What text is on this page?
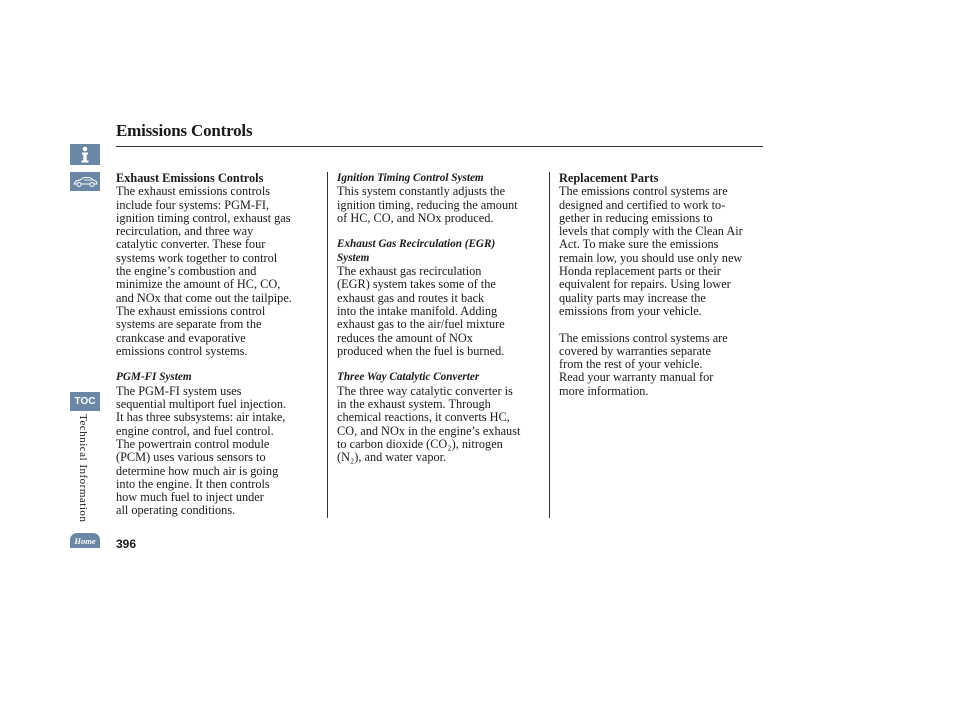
TOC
Technical Information
Home
Emissions Controls

Exhaust Emissions Controls

The exhaust emissions controls
include four systems: PGM-FI,
ignition timing control, exhaust gas
recirculation, and three way
catalytic converter. These four
systems work together to control
the engine’s combustion and
minimize the amount of HC, CO,
and NOx that come out the tailpipe.
The exhaust emissions control
systems are separate from the
crankcase and evaporative
emissions control systems.

PGM-FI System

The PGM-FI system uses
sequential multiport fuel injection.
It has three subsystems: air intake,
engine control, and fuel control.
The powertrain control module
(PCM) uses various sensors to
determine how much air is going
into the engine. It then controls
how much fuel to inject under
all operating conditions.

Ignition Timing Control System

This system constantly adjusts the
ignition timing, reducing the amount
of HC, CO, and NOx produced.

Exhaust Gas Recirculation (EGR)
System

The exhaust gas recirculation
(EGR) system takes some of the
exhaust gas and routes it back
into the intake manifold. Adding
exhaust gas to the air/fuel mixture
reduces the amount of NOx
produced when the fuel is burned.

Three Way Catalytic Converter

The three way catalytic converter is
in the exhaust system. Through
chemical reactions, it converts HC,
CO, and NOx in the engine’s exhaust
to carbon dioxide (CO₂), nitrogen
(N₂), and water vapor.

Replacement Parts

The emissions control systems are
designed and certified to work to-
gether in reducing emissions to
levels that comply with the Clean Air
Act. To make sure the emissions
remain low, you should use only new
Honda replacement parts or their
equivalent for repairs. Using lower
quality parts may increase the
emissions from your vehicle.

The emissions control systems are
covered by warranties separate
from the rest of your vehicle.
Read your warranty manual for
more information.

396
